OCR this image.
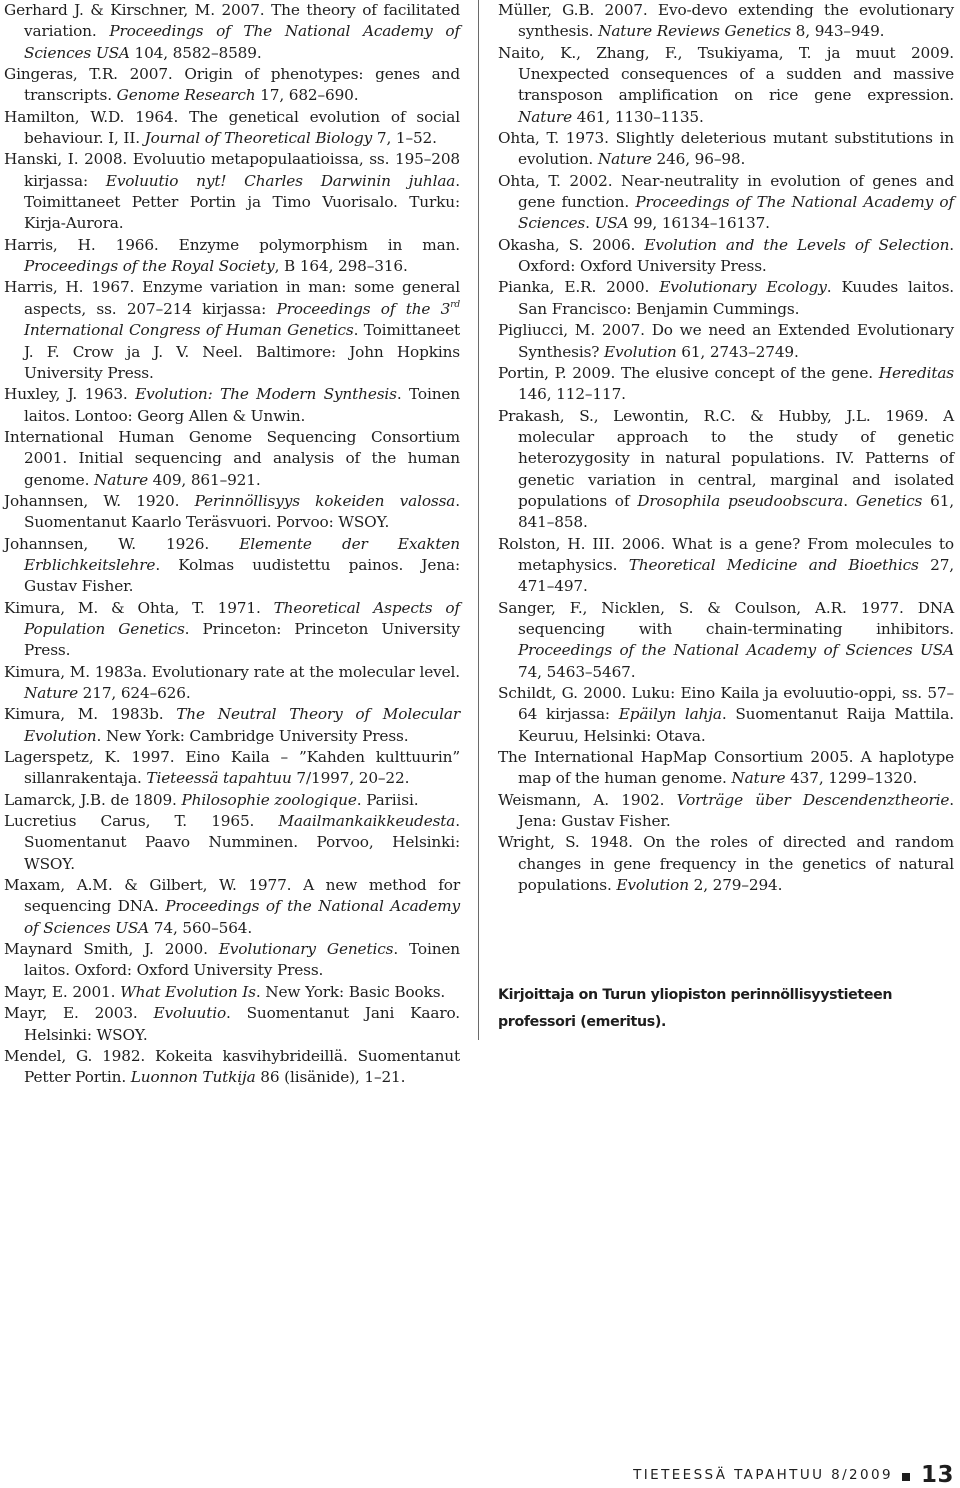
Gerhard J. & Kirschner, M. 2007. The theory of facilitated variation. Proceedings of The National Academy of Sciences USA 104, 8582–8589.

Gingeras, T.R. 2007. Origin of phenotypes: genes and transcripts. Genome Research 17, 682–690.

Hamilton, W.D. 1964. The genetical evolution of social behaviour. I, II. Journal of Theoretical Biology 7, 1–52.

Hanski, I. 2008. Evoluutio metapopulaatioissa, ss. 195–208 kirjassa: Evoluutio nyt! Charles Darwinin juhlaa. Toimittaneet Petter Portin ja Timo Vuorisalo. Turku: Kirja-Aurora.

Harris, H. 1966. Enzyme polymorphism in man. Proceedings of the Royal Society, B 164, 298–316.

Harris, H. 1967. Enzyme variation in man: some general aspects, ss. 207–214 kirjassa: Proceedings of the 3rd International Congress of Human Genetics. Toimittaneet J. F. Crow ja J. V. Neel. Baltimore: John Hopkins University Press.

Huxley, J. 1963. Evolution: The Modern Synthesis. Toinen laitos. Lontoo: Georg Allen & Unwin.

International Human Genome Sequencing Consortium 2001. Initial sequencing and analysis of the human genome. Nature 409, 861–921.

Johannsen, W. 1920. Perinnöllisyys kokeiden valossa. Suomentanut Kaarlo Teräsvuori. Porvoo: WSOY.

Johannsen, W. 1926. Elemente der Exakten Erblichkeitslehre. Kolmas uudistettu painos. Jena: Gustav Fisher.

Kimura, M. & Ohta, T. 1971. Theoretical Aspects of Population Genetics. Princeton: Princeton University Press.

Kimura, M. 1983a. Evolutionary rate at the molecular level. Nature 217, 624–626.

Kimura, M. 1983b. The Neutral Theory of Molecular Evolution. New York: Cambridge University Press.

Lagerspetz, K. 1997. Eino Kaila – ”Kahden kulttuurin” sillanrakentaja. Tieteessä tapahtuu 7/1997, 20–22.

Lamarck, J.B. de 1809. Philosophie zoologique. Pariisi.

Lucretius Carus, T. 1965. Maailmankaikkeudesta. Suomentanut Paavo Numminen. Porvoo, Helsinki: WSOY.

Maxam, A.M. & Gilbert, W. 1977. A new method for sequencing DNA. Proceedings of the National Academy of Sciences USA 74, 560–564.

Maynard Smith, J. 2000. Evolutionary Genetics. Toinen laitos. Oxford: Oxford University Press.

Mayr, E. 2001. What Evolution Is. New York: Basic Books.

Mayr, E. 2003. Evoluutio. Suomentanut Jani Kaaro. Helsinki: WSOY.

Mendel, G. 1982. Kokeita kasvihybrideillä. Suomentanut Petter Portin. Luonnon Tutkija 86 (lisänide), 1–21.

Müller, G.B. 2007. Evo-devo extending the evolutionary synthesis. Nature Reviews Genetics 8, 943–949.

Naito, K., Zhang, F., Tsukiyama, T. ja muut 2009. Unexpected consequences of a sudden and massive transposon amplification on rice gene expression. Nature 461, 1130–1135.

Ohta, T. 1973. Slightly deleterious mutant substitutions in evolution. Nature 246, 96–98.

Ohta, T. 2002. Near-neutrality in evolution of genes and gene function. Proceedings of The National Academy of Sciences. USA 99, 16134–16137.

Okasha, S. 2006. Evolution and the Levels of Selection. Oxford: Oxford University Press.

Pianka, E.R. 2000. Evolutionary Ecology. Kuudes laitos. San Francisco: Benjamin Cummings.

Pigliucci, M. 2007. Do we need an Extended Evolutionary Synthesis? Evolution 61, 2743–2749.

Portin, P. 2009. The elusive concept of the gene. Hereditas 146, 112–117.

Prakash, S., Lewontin, R.C. & Hubby, J.L. 1969. A molecular approach to the study of genetic heterozygosity in natural populations. IV. Patterns of genetic variation in central, marginal and isolated populations of Drosophila pseudoobscura. Genetics 61, 841–858.

Rolston, H. III. 2006. What is a gene? From molecules to metaphysics. Theoretical Medicine and Bioethics 27, 471–497.

Sanger, F., Nicklen, S. & Coulson, A.R. 1977. DNA sequencing with chain-terminating inhibitors. Proceedings of the National Academy of Sciences USA 74, 5463–5467.

Schildt, G. 2000. Luku: Eino Kaila ja evoluutio-oppi, ss. 57–64 kirjassa: Epäilyn lahja. Suomentanut Raija Mattila. Keuruu, Helsinki: Otava.

The International HapMap Consortium 2005. A haplotype map of the human genome. Nature 437, 1299–1320.

Weismann, A. 1902. Vorträge über Descendenztheorie. Jena: Gustav Fisher.

Wright, S. 1948. On the roles of directed and random changes in gene frequency in the genetics of natural populations. Evolution 2, 279–294.

Kirjoittaja on Turun yliopiston perinnöllisyystieteen professori (emeritus).
TIETEESSÄ TAPAHTUU 8/2009 13
